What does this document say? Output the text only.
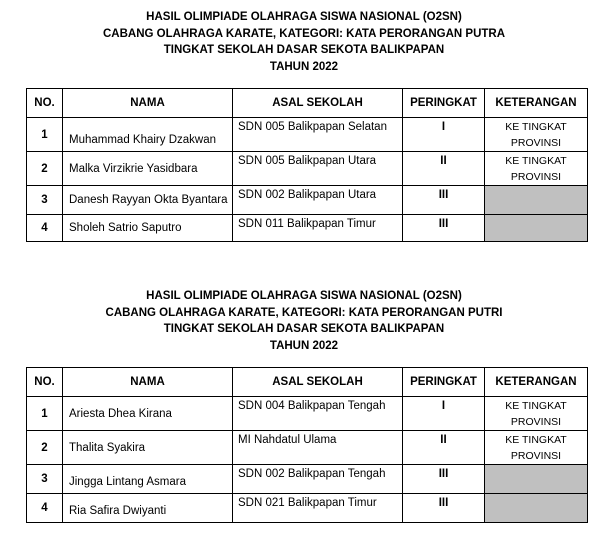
HASIL OLIMPIADE OLAHRAGA SISWA NASIONAL (O2SN)
CABANG OLAHRAGA KARATE, KATEGORI: KATA PERORANGAN PUTRA
TINGKAT SEKOLAH DASAR SEKOTA BALIKPAPAN
TAHUN 2022
NO.	NAMA	ASAL SEKOLAH	PERINGKAT	KETERANGAN
1	Muhammad Khairy Dzakwan	SDN 005 Balikpapan Selatan	I	KE TINGKAT
PROVINSI

2	Malka Virzikrie Yasidbara	SDN 005 Balikpapan Utara	II	KE TINGKAT
PROVINSI

3	Danesh Rayyan Okta Byantara	SDN 002 Balikpapan Utara	III	
4	Sholeh Satrio Saputro	SDN 011 Balikpapan Timur	III	
HASIL OLIMPIADE OLAHRAGA SISWA NASIONAL (O2SN)
CABANG OLAHRAGA KARATE, KATEGORI: KATA PERORANGAN PUTRI
TINGKAT SEKOLAH DASAR SEKOTA BALIKPAPAN
TAHUN 2022
NO.	NAMA	ASAL SEKOLAH	PERINGKAT	KETERANGAN
1	Ariesta Dhea Kirana	SDN 004 Balikpapan Tengah	I	KE TINGKAT
PROVINSI

2	Thalita Syakira	MI Nahdatul Ulama	II	KE TINGKAT
PROVINSI

3	Jingga Lintang Asmara	SDN 002 Balikpapan Tengah	III	
4	Ria Safira Dwiyanti	SDN 021 Balikpapan Timur	III	
